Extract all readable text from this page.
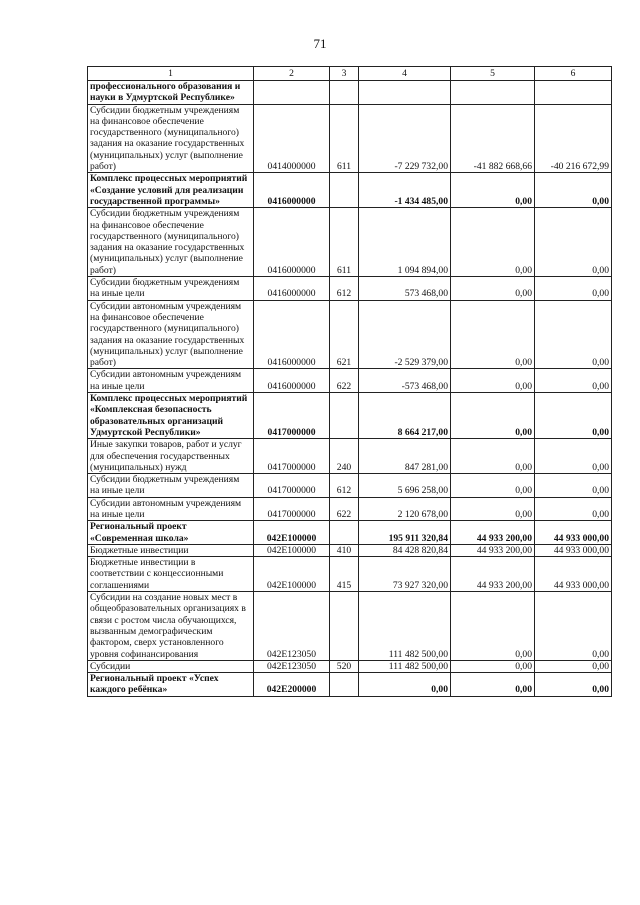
71
1	2	3	4	5	6
профессионального образования и науки в Удмуртской Республике»					
Субсидии бюджетным учреждениям на финансовое обеспечение государственного (муниципального) задания на оказание государственных (муниципальных) услуг (выполнение работ)	0414000000	611	-7 229 732,00	-41 882 668,66	-40 216 672,99
Комплекс процессных мероприятий «Создание условий для реализации государственной программы»	0416000000		-1 434 485,00	0,00	0,00
Субсидии бюджетным учреждениям на финансовое обеспечение государственного (муниципального) задания на оказание государственных (муниципальных) услуг (выполнение работ)	0416000000	611	1 094 894,00	0,00	0,00
Субсидии бюджетным учреждениям на иные цели	0416000000	612	573 468,00	0,00	0,00
Субсидии автономным учреждениям на финансовое обеспечение государственного (муниципального) задания на оказание государственных (муниципальных) услуг (выполнение работ)	0416000000	621	-2 529 379,00	0,00	0,00
Субсидии автономным учреждениям на иные цели	0416000000	622	-573 468,00	0,00	0,00
Комплекс процессных мероприятий «Комплексная безопасность образовательных организаций Удмуртской Республики»	0417000000		8 664 217,00	0,00	0,00
Иные закупки товаров, работ и услуг для обеспечения государственных (муниципальных) нужд	0417000000	240	847 281,00	0,00	0,00
Субсидии бюджетным учреждениям на иные цели	0417000000	612	5 696 258,00	0,00	0,00
Субсидии автономным учреждениям на иные цели	0417000000	622	2 120 678,00	0,00	0,00
Региональный проект «Современная школа»	042E100000		195 911 320,84	44 933 200,00	44 933 000,00
Бюджетные инвестиции	042E100000	410	84 428 820,84	44 933 200,00	44 933 000,00
Бюджетные инвестиции в соответствии с концессионными соглашениями	042E100000	415	73 927 320,00	44 933 200,00	44 933 000,00
Субсидии на создание новых мест в общеобразовательных организациях в связи с ростом числа обучающихся, вызванным демографическим фактором, сверх установленного уровня софинансирования	042E123050		111 482 500,00	0,00	0,00
Субсидии	042E123050	520	111 482 500,00	0,00	0,00
Региональный проект «Успех каждого ребёнка»	042E200000		0,00	0,00	0,00
